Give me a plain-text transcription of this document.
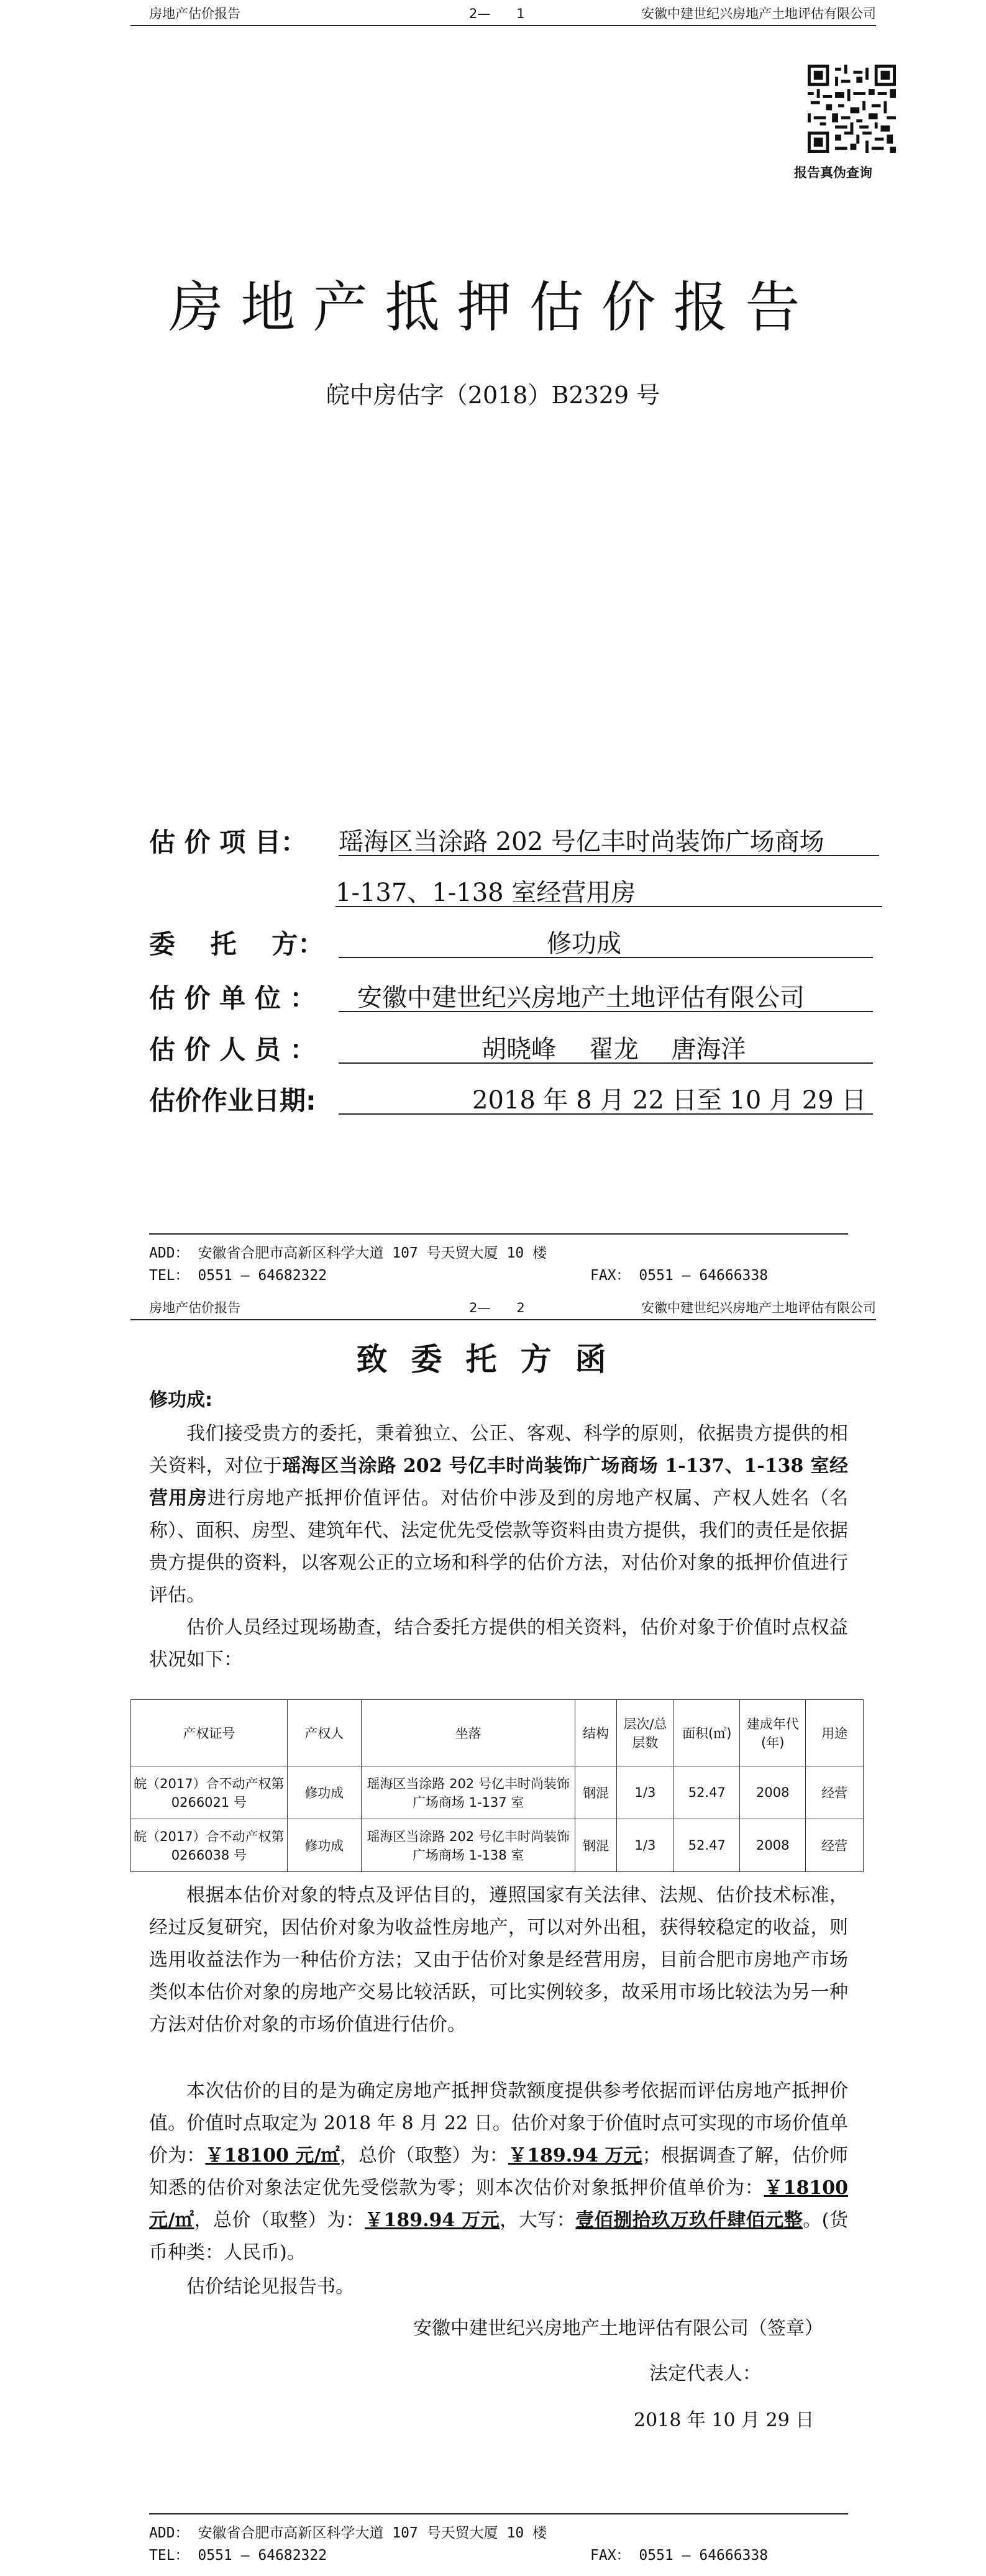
房地产估价报告	2—　　1	安徽中建世纪兴房地产土地评估有限公司
报告真伪查询
房地产抵押估价报告
皖中房估字（2018）B2329 号
估 价 项 目： 瑶海区当涂路 202 号亿丰时尚装饰广场商场
1-137、1-138 室经营用房
委　 托　 方：	修功成
估 价 单 位 ： 安徽中建世纪兴房地产土地评估有限公司
估 价 人 员 ：	胡晓峰　 翟龙　 唐海洋
估价作业日期:	2018 年 8 月 22 日至 10 月 29 日
ADD： 安徽省合肥市高新区科学大道 107 号天贸大厦 10 楼
TEL： 0551 — 64682322	FAX： 0551 — 64666338
房地产估价报告	2—　　2	安徽中建世纪兴房地产土地评估有限公司
致委托方函
修功成:

我们接受贵方的委托，秉着独立、公正、客观、科学的原则，依据贵方提供的相关资料，对位于瑶海区当涂路 202 号亿丰时尚装饰广场商场 1-137、1-138 室经营用房进行房地产抵押价值评估。对估价中涉及到的房地产权属、产权人姓名（名称）、面积、房型、建筑年代、法定优先受偿款等资料由贵方提供，我们的责任是依据贵方提供的资料，以客观公正的立场和科学的估价方法，对估价对象的抵押价值进行评估。

估价人员经过现场勘查，结合委托方提供的相关资料，估价对象于价值时点权益状况如下：

产权证号	产权人	坐落	结构	层次/总层数	面积(㎡)	建成年代(年)	用途
皖（2017）合不动产权第 0266021 号	修功成	瑶海区当涂路 202 号亿丰时尚装饰广场商场 1-137 室	钢混	1/3	52.47	2008	经营
皖（2017）合不动产权第 0266038 号	修功成	瑶海区当涂路 202 号亿丰时尚装饰广场商场 1-138 室	钢混	1/3	52.47	2008	经营

根据本估价对象的特点及评估目的，遵照国家有关法律、法规、估价技术标准，经过反复研究，因估价对象为收益性房地产，可以对外出租，获得较稳定的收益，则选用收益法作为一种估价方法；又由于估价对象是经营用房，目前合肥市房地产市场类似本估价对象的房地产交易比较活跃，可比实例较多，故采用市场比较法为另一种方法对估价对象的市场价值进行估价。

本次估价的目的是为确定房地产抵押贷款额度提供参考依据而评估房地产抵押价值。价值时点取定为 2018 年 8 月 22 日。估价对象于价值时点可实现的市场价值单价为：￥18100 元/㎡，总价（取整）为：￥189.94 万元；根据调查了解，估价师知悉的估价对象法定优先受偿款为零；则本次估价对象抵押价值单价为：￥18100 元/㎡，总价（取整）为：￥189.94 万元，大写：壹佰捌拾玖万玖仟肆佰元整。(货币种类：人民币)。

估价结论见报告书。

安徽中建世纪兴房地产土地评估有限公司（签章）
法定代表人：
2018 年 10 月 29 日
ADD： 安徽省合肥市高新区科学大道 107 号天贸大厦 10 楼
TEL： 0551 — 64682322	FAX： 0551 — 64666338
